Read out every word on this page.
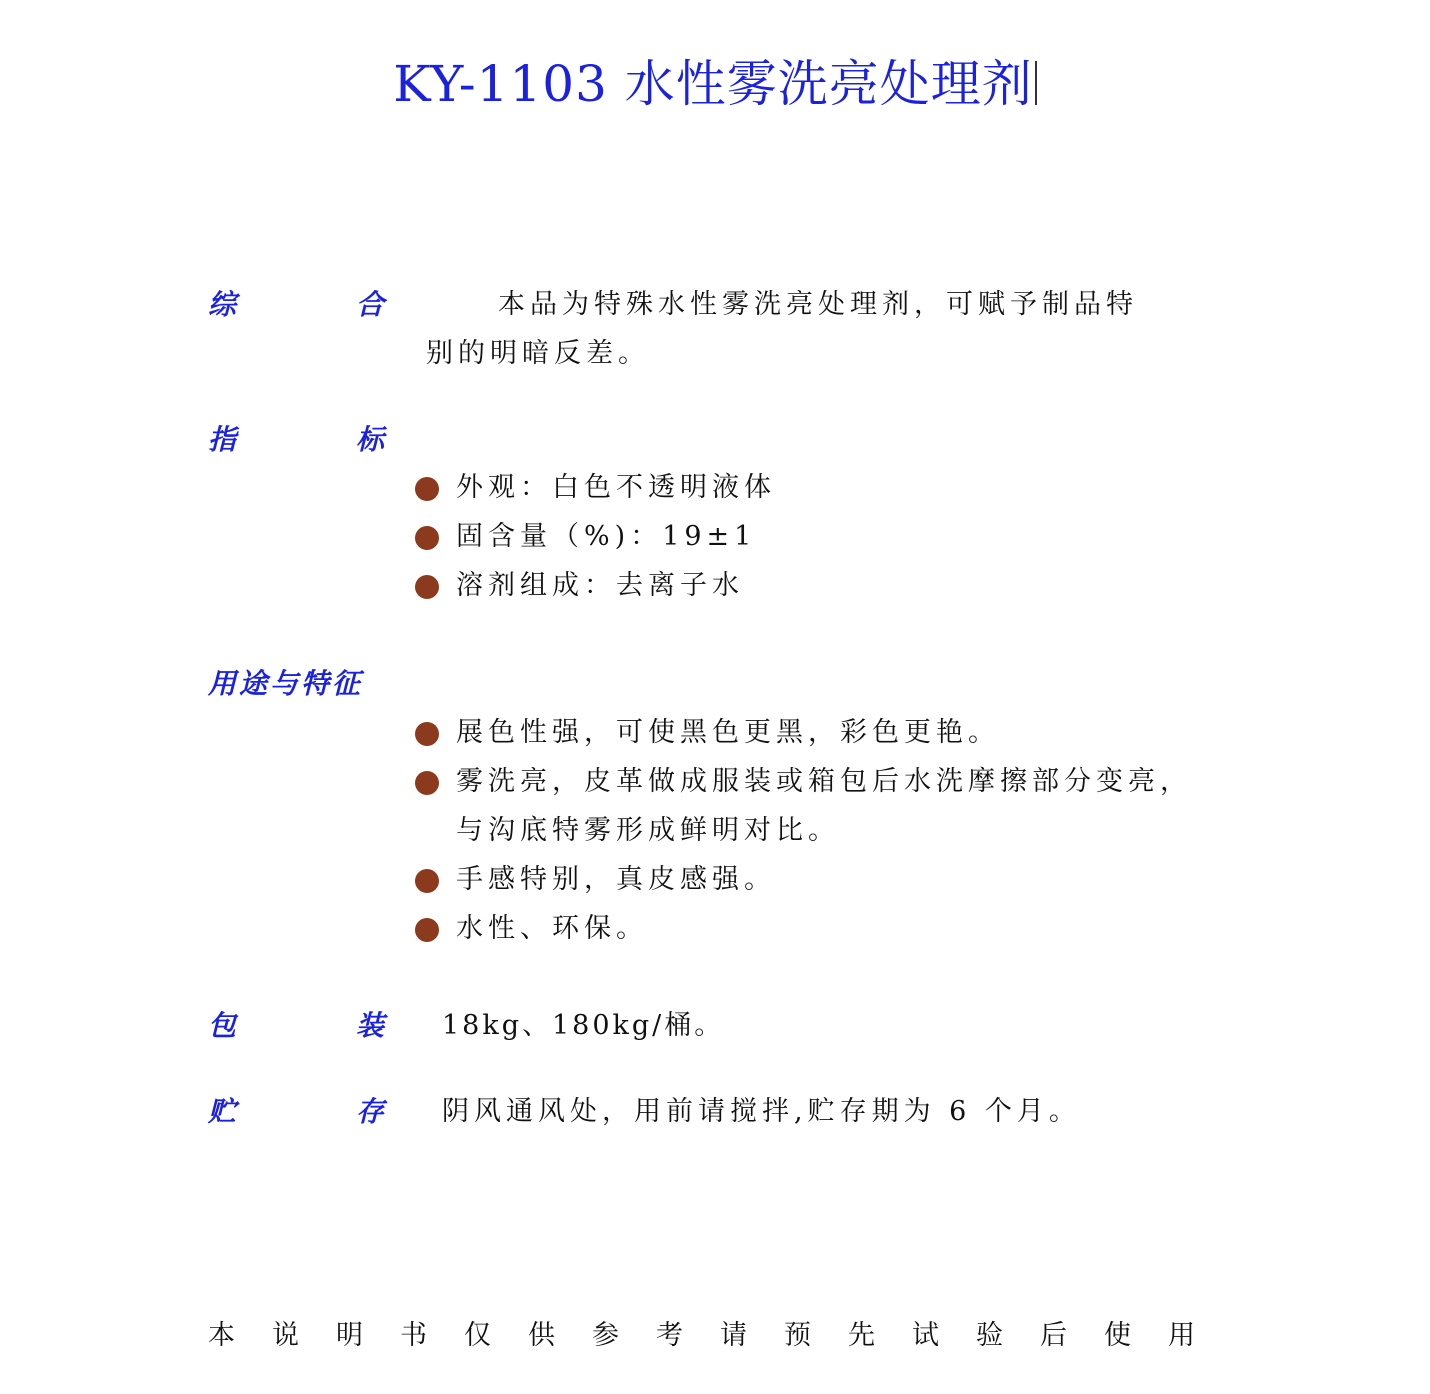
KY-1103 水性雾洗亮处理剂
综	合	本品为特殊水性雾洗亮处理剂，可赋予制品特
别的明暗反差。
指	标
外观：白色不透明液体
固含量（%)：19±1
溶剂组成：去离子水
用途与特征
展色性强，可使黑色更黑，彩色更艳。
雾洗亮，皮革做成服装或箱包后水洗摩擦部分变亮，
与沟底特雾形成鲜明对比。
手感特别，真皮感强。
水性、环保。
包	装 18kg、180kg/桶。
贮	存 阴风通风处，用前请搅拌,贮存期为 6 个月。
本说明书仅供参考请预先试验后使用
